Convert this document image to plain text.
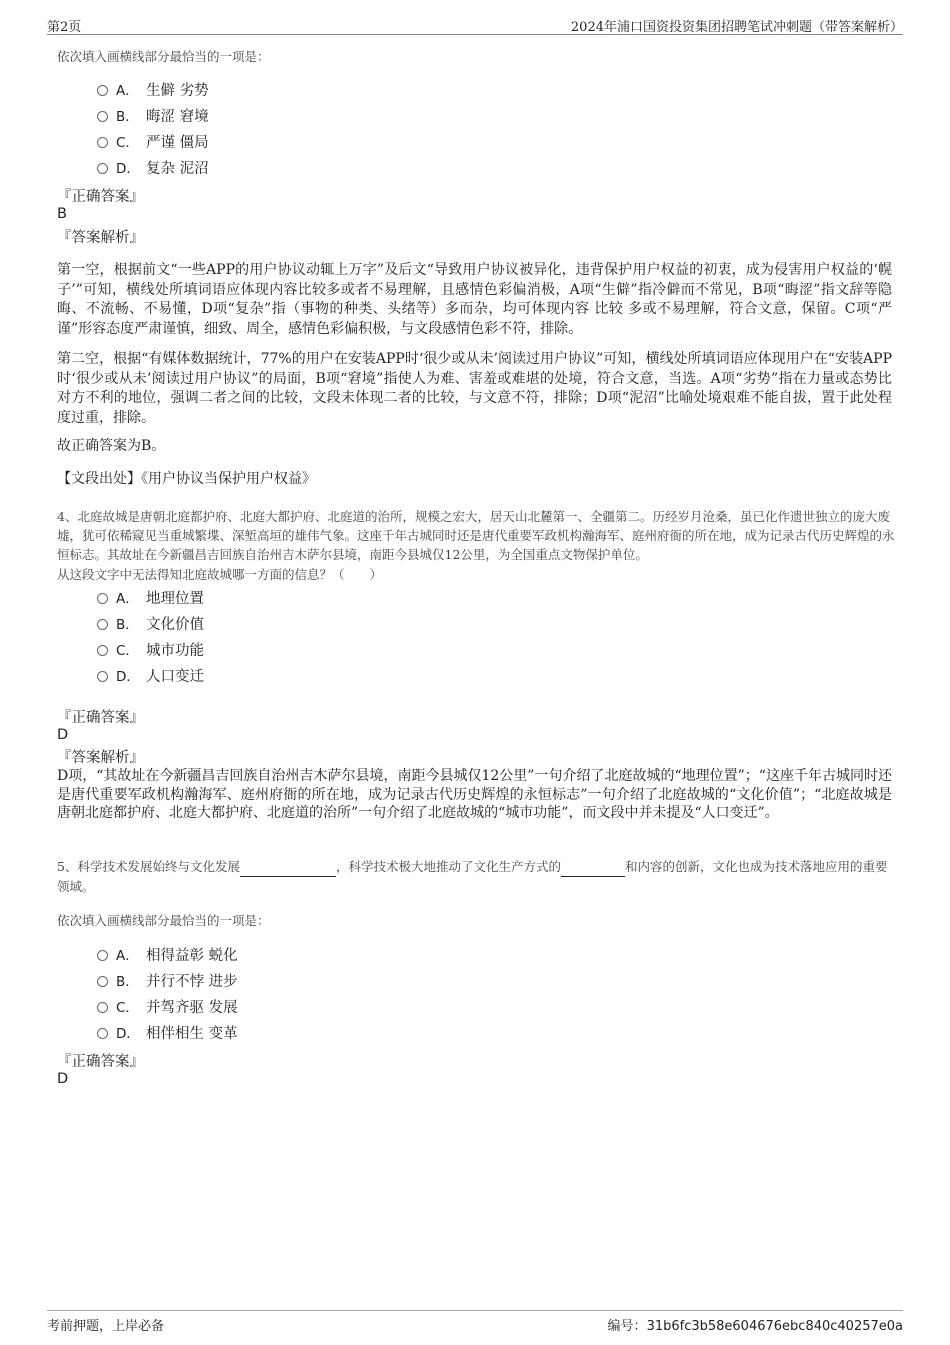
第2页	2024年浦口国资投资集团招聘笔试冲刺题（带答案解析）
依次填入画横线部分最恰当的一项是：
A． 生僻 劣势
B． 晦涩 窘境
C． 严谨 僵局
D． 复杂 泥沼
『正确答案』
B
『答案解析』
第一空，根据前文“一些APP的用户协议动辄上万字”及后文“导致用户协议被异化，违背保护用户权益的初衷，成为侵害用户权益的‘幌子’”可知，横线处所填词语应体现内容比较多或者不易理解，且感情色彩偏消极，A项“生僻”指冷僻而不常见，B项“晦涩”指文辞等隐晦、不流畅、不易懂，D项“复杂”指（事物的种类、头绪等）多而杂，均可体现内容 比较 多或不易理解，符合文意，保留。C项“严谨”形容态度严肃谨慎，细致、周全，感情色彩偏积极，与文段感情色彩不符，排除。
第二空，根据“有媒体数据统计，77%的用户在安装APP时‘很少或从未’阅读过用户协议”可知，横线处所填词语应体现用户在“安装APP时‘很少或从未’阅读过用户协议”的局面，B项“窘境”指使人为难、害羞或难堪的处境，符合文意，当选。A项“劣势”指在力量或态势比对方不利的地位，强调二者之间的比较，文段未体现二者的比较，与文意不符，排除；D项“泥沼”比喻处境艰难不能自拔，置于此处程度过重，排除。
故正确答案为B。
【文段出处】《用户协议当保护用户权益》
4、北庭故城是唐朝北庭都护府、北庭大都护府、北庭道的治所，规模之宏大，居天山北麓第一、全疆第二。历经岁月沧桑，虽已化作遗世独立的庞大废墟，犹可依稀窥见当重城繁堞、深堑高垣的雄伟气象。这座千年古城同时还是唐代重要军政机构瀚海军、庭州府衙的所在地，成为记录古代历史辉煌的永恒标志。其故址在今新疆昌吉回族自治州吉木萨尔县境，南距今县城仅12公里，为全国重点文物保护单位。
从这段文字中无法得知北庭故城哪一方面的信息？（　　）
A． 地理位置
B． 文化价值
C． 城市功能
D． 人口变迁
『正确答案』
D
『答案解析』
D项，“其故址在今新疆昌吉回族自治州吉木萨尔县境，南距今县城仅12公里”一句介绍了北庭故城的“地理位置”；“这座千年古城同时还是唐代重要军政机构瀚海军、庭州府衙的所在地，成为记录古代历史辉煌的永恒标志”一句介绍了北庭故城的“文化价值”；“北庭故城是唐朝北庭都护府、北庭大都护府、北庭道的治所”一句介绍了北庭故城的“城市功能”，而文段中并未提及“人口变迁”。
5、科学技术发展始终与文化发展	，科学技术极大地推动了文化生产方式的	和内容的创新，文化也成为技术落地应用的重要领域。
依次填入画横线部分最恰当的一项是：
A． 相得益彰 蜕化
B． 并行不悖 进步
C． 并驾齐驱 发展
D． 相伴相生 变革
『正确答案』
D
考前押题，上岸必备	编号：31b6fc3b58e604676ebc840c40257e0a
